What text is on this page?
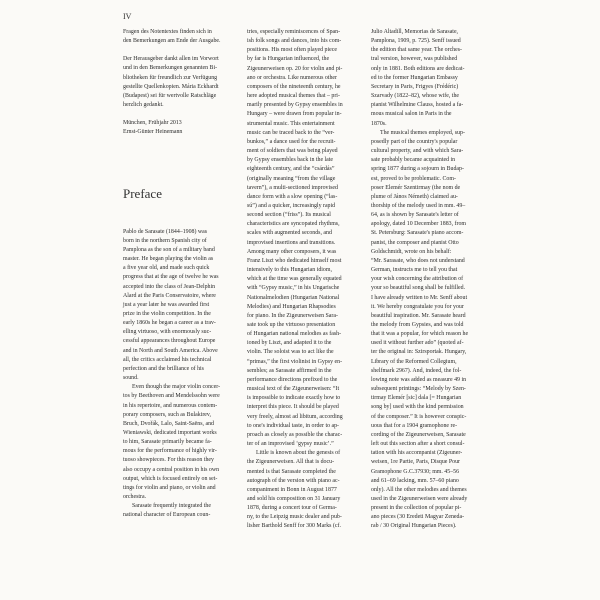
IV

Fragen des Notentextes finden sich in

den Bemerkungen am Ende der Ausgabe.

Der Herausgeber dankt allen im Vorwort

und in den Bemerkungen genannten Bi-

bliotheken für freundlich zur Verfügung

gestellte Quellenkopien. Mária Eckhardt

(Budapest) sei für wertvolle Ratschläge

herzlich gedankt.

München, Frühjahr 2013

Ernst-Günter Heinemann

Preface

Pablo de Sarasate (1844–1908) was

born in the northern Spanish city of

Pamplona as the son of a military band

master. He began playing the violin as

a five year old, and made such quick

progress that at the age of twelve he was

accepted into the class of Jean-Delphin

Alard at the Paris Conservatoire, where

just a year later he was awarded first

prize in the violin competition. In the

early 1860s he began a career as a trav-

elling virtuoso, with enormously suc-

cessful appearances throughout Europe

and in North and South America. Above

all, the critics acclaimed his technical

perfection and the brilliance of his

sound.

Even though the major violin concer-

tos by Beethoven and Mendelssohn were

in his repertoire, and numerous contem-

porary composers, such as Bulakirev,

Bruch, Dvořák, Lalo, Saint-Saëns, and

Wieniawski, dedicated important works

to him, Sarasate primarily became fa-

mous for the performance of highly vir-

tuoso showpieces. For this reason they

also occupy a central position in his own

output, which is focused entirely on set-

tings for violin and piano, or violin and

orchestra.

Sarasate frequently integrated the

national character of European coun-

tries, especially reminiscences of Span-

ish folk songs and dances, into his com-

positions. His most often played piece

by far is Hungarian influenced, the

Zigeunerweisen op. 20 for violin and pi-

ano or orchestra. Like numerous other

composers of the nineteenth century, he

here adopted musical themes that – pri-

marily presented by Gypsy ensembles in

Hungary – were drawn from popular in-

strumental music. This entertainment

music can be traced back to the “ver-

bunkos,” a dance used for the recruit-

ment of soldiers that was being played

by Gypsy ensembles back in the late

eighteenth century, and the “csárdás”

(originally meaning “from the village

tavern”), a multi-sectioned improvised

dance form with a slow opening (“las-

sú”) and a quicker, increasingly rapid

second section (“friss”). Its musical

characteristics are syncopated rhythms,

scales with augmented seconds, and

improvised insertions and transitions.

Among many other composers, it was

Franz Liszt who dedicated himself most

intensively to this Hungarian idiom,

which at the time was generally equated

with “Gypsy music,” in his Ungarische

Nationalmelodien (Hungarian National

Melodies) and Hungarian Rhapsodies

for piano. In the Zigeunerweisen Sara-

sate took up the virtuoso presentation

of Hungarian national melodies as fash-

ioned by Liszt, and adapted it to the

violin. The soloist was to act like the

“primas,” the first violinist in Gypsy en-

sembles; as Sarasate affirmed in the

performance directions prefixed to the

musical text of the Zigeunerweisen: “It

is impossible to indicate exactly how to

interpret this piece. It should be played

very freely, almost ad libitum, according

to one's individual taste, in order to ap-

proach as closely as possible the charac-

ter of an improvised ‘gypsy music’.”

Little is known about the genesis of

the Zigeunerweisen. All that is docu-

mented is that Sarasate completed the

autograph of the version with piano ac-

companiment in Bonn in August 1877

and sold his composition on 31 January

1878, during a concert tour of Germa-

ny, to the Leipzig music dealer and pub-

lisher Barthold Senff for 300 Marks (cf.

Julio Altadill, Memorias de Sarasate,

Pamplona, 1909, p. 725). Senff issued

the edition that same year. The orches-

tral version, however, was published

only in 1881. Both editions are dedicat-

ed to the former Hungarian Embassy

Secretary in Paris, Frigyes (Frédéric)

Szarvady (1822–82), whose wife, the

pianist Wilhelmine Clauss, hosted a fa-

mous musical salon in Paris in the

1870s.

The musical themes employed, sup-

posedly part of the country's popular

cultural property, and with which Sara-

sate probably became acquainted in

spring 1877 during a sojourn in Budap-

est, proved to be problematic. Com-

poser Elemér Szentirmay (the nom de

plume of János Németh) claimed au-

thorship of the melody used in mm. 49–

64, as is shown by Sarasate's letter of

apology, dated 10 December 1883, from

St. Petersburg: Sarasate's piano accom-

panist, the composer and pianist Otto

Goldschmidt, wrote on his behalf:

“Mr. Sarasate, who does not understand

German, instructs me to tell you that

your wish concerning the attribution of

your so beautiful song shall be fulfilled.

I have already written to Mr. Senff about

it. We hereby congratulate you for your

beautiful inspiration. Mr. Sarasate heard

the melody from Gypsies, and was told

that it was a popular, for which reason he

used it without further ado” (quoted af-

ter the original in: Szirsportak. Hungary,

Library of the Reformed Collegium,

shelfmark 2967). And, indeed, the fol-

lowing note was added as measure 49 in

subsequent printings: “Melody by Szen-

tirmay Elemér [sic] dala [= Hungarian

song by] used with the kind permission

of the composer.” It is however conspic-

uous that for a 1904 gramophone re-

cording of the Zigeunerweisen, Sarasate

left out this section after a short consul-

tation with his accompanist (Zigeuner-

weisen, 1re Partie, Paris, Disque Pour

Gramophone G.C.37930; mm. 45–56

and 61–69 lacking, mm. 57–60 piano

only). All the other melodies and themes

used in the Zigeunerweisen were already

present in the collection of popular pi-

ano pieces (30 Eredeti Magyar Zeneda-

rab / 30 Original Hungarian Pieces).
